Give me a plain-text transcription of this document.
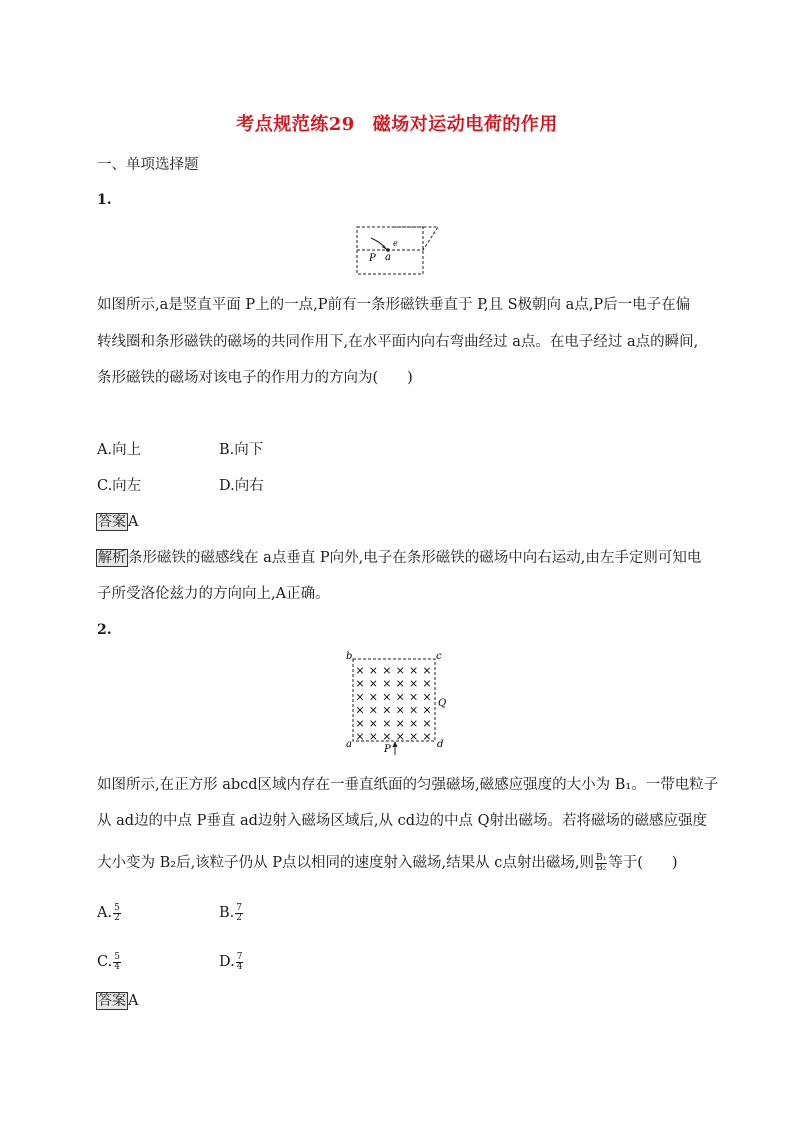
考点规范练29 磁场对运动电荷的作用
一、单项选择题
1.
e
P a
如图所示,a是竖直平面 P上的一点,P前有一条形磁铁垂直于 P,且 S极朝向 a点,P后一电子在偏
转线圈和条形磁铁的磁场的共同作用下,在水平面内向右弯曲经过 a点。在电子经过 a点的瞬间,
条形磁铁的磁场对该电子的作用力的方向为(　　)
A.向上	B.向下
C.向左	D.向右
答案 A
解析 条形磁铁的磁感线在 a点垂直 P向外,电子在条形磁铁的磁场中向右运动,由左手定则可知电
子所受洛伦兹力的方向向上,A正确。
2.
× × × × × ×
× × × × × ×
× × × × × ×
× × × × × ×
× × × × × ×
× × × × × ×
b	c
a	d
Q
P
如图所示,在正方形 abcd区域内存在一垂直纸面的匀强磁场,磁感应强度的大小为 B₁。一带电粒子
从 ad边的中点 P垂直 ad边射入磁场区域后,从 cd边的中点 Q射出磁场。若将磁场的磁感应强度
大小变为 B₂后,该粒子仍从 P点以相同的速度射入磁场,结果从 c点射出磁场,则 $\frac{\text{B₁}}{\text{B₂}}$ 等于(　　)
A. $\frac{5}{2}$	B. $\frac{7}{2}$
C. $\frac{5}{4}$	D. $\frac{7}{4}$
答案 A
